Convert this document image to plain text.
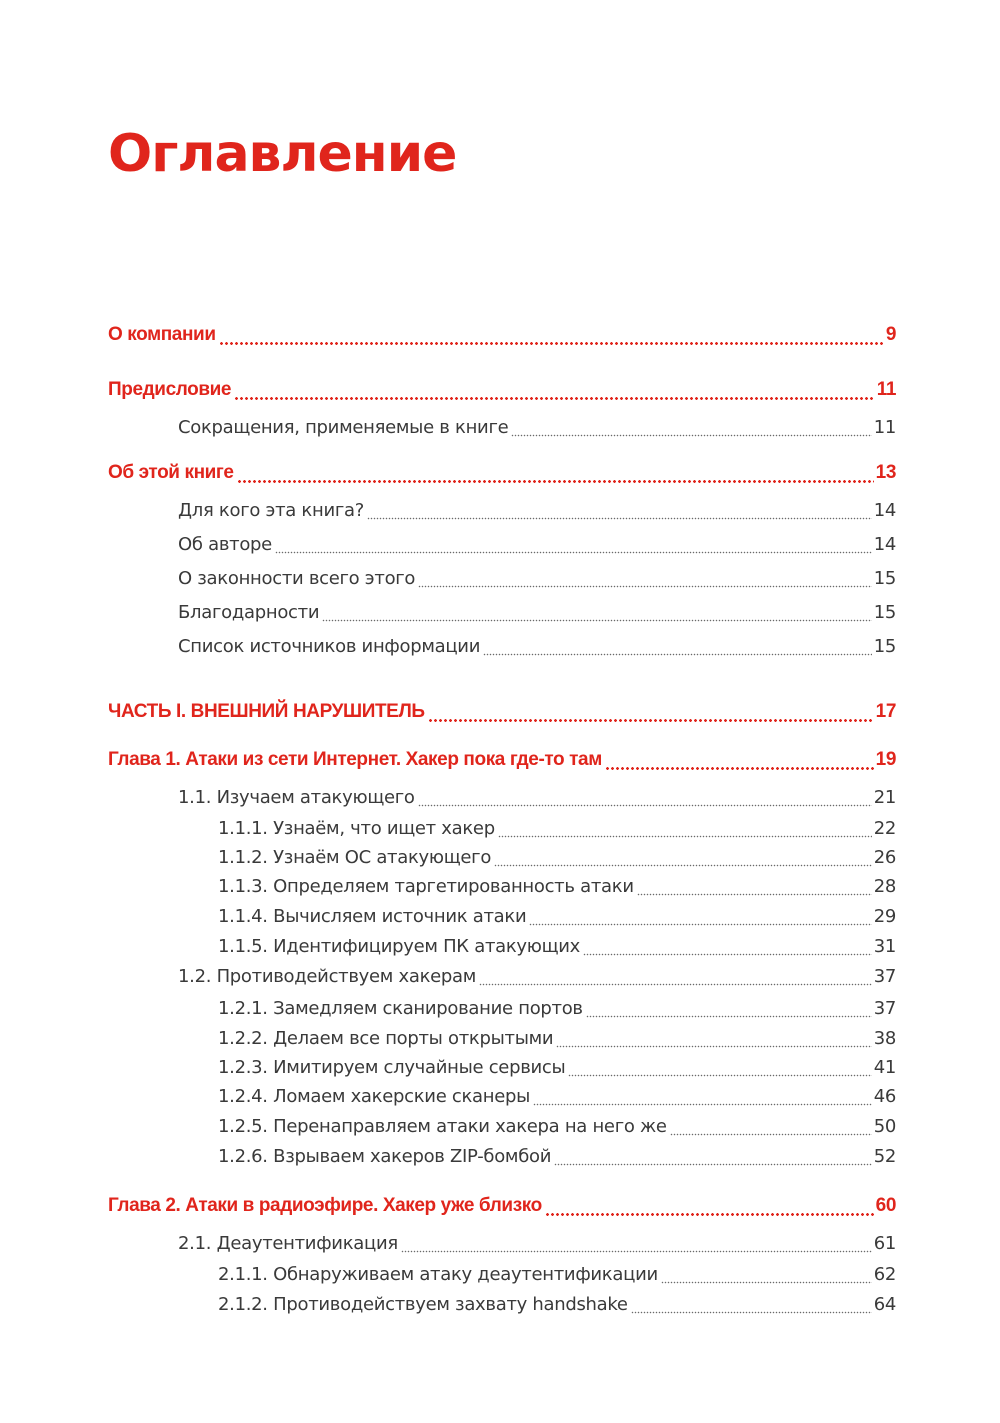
Оглавление
О компании	9
Предисловие	11
Сокращения, применяемые в книге	11
Об этой книге	13
Для кого эта книга?	14
Об авторе	14
О законности всего этого	15
Благодарности	15
Список источников информации	15
ЧАСТЬ I. ВНЕШНИЙ НАРУШИТЕЛЬ	17
Глава 1. Атаки из сети Интернет. Хакер пока где-то там	19
1.1. Изучаем атакующего	21
1.1.1. Узнаём, что ищет хакер	22
1.1.2. Узнаём ОС атакующего	26
1.1.3. Определяем таргетированность атаки	28
1.1.4. Вычисляем источник атаки	29
1.1.5. Идентифицируем ПК атакующих	31
1.2. Противодействуем хакерам	37
1.2.1. Замедляем сканирование портов	37
1.2.2. Делаем все порты открытыми	38
1.2.3. Имитируем случайные сервисы	41
1.2.4. Ломаем хакерские сканеры	46
1.2.5. Перенаправляем атаки хакера на него же	50
1.2.6. Взрываем хакеров ZIP-бомбой	52
Глава 2. Атаки в радиоэфире. Хакер уже близко	60
2.1. Деаутентификация	61
2.1.1. Обнаруживаем атаку деаутентификации	62
2.1.2. Противодействуем захвату handshake	64
